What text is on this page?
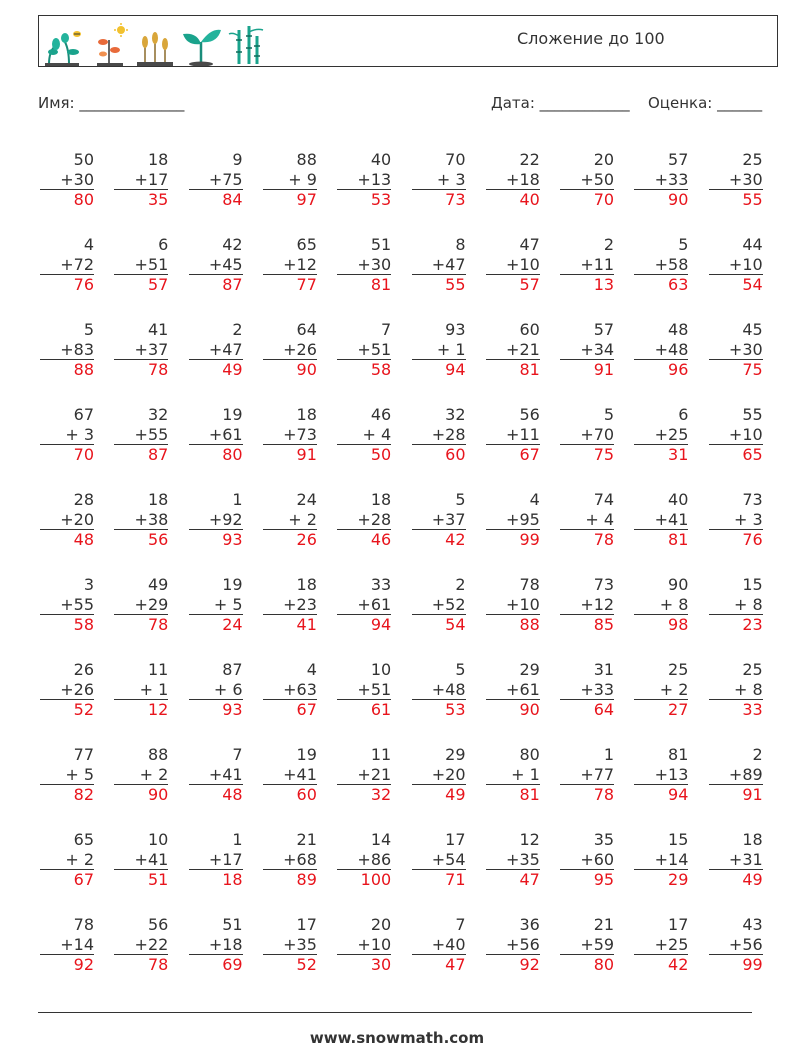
Сложение до 100
Имя: ______________	Дата: ____________ Оценка: ______
50
+30
80
18
+17
35
9
+75
84
88
+ 9
97
40
+13
53
70
+ 3
73
22
+18
40
20
+50
70
57
+33
90
25
+30
55
4
+72
76
6
+51
57
42
+45
87
65
+12
77
51
+30
81
8
+47
55
47
+10
57
2
+11
13
5
+58
63
44
+10
54
5
+83
88
41
+37
78
2
+47
49
64
+26
90
7
+51
58
93
+ 1
94
60
+21
81
57
+34
91
48
+48
96
45
+30
75
67
+ 3
70
32
+55
87
19
+61
80
18
+73
91
46
+ 4
50
32
+28
60
56
+11
67
5
+70
75
6
+25
31
55
+10
65
28
+20
48
18
+38
56
1
+92
93
24
+ 2
26
18
+28
46
5
+37
42
4
+95
99
74
+ 4
78
40
+41
81
73
+ 3
76
3
+55
58
49
+29
78
19
+ 5
24
18
+23
41
33
+61
94
2
+52
54
78
+10
88
73
+12
85
90
+ 8
98
15
+ 8
23
26
+26
52
11
+ 1
12
87
+ 6
93
4
+63
67
10
+51
61
5
+48
53
29
+61
90
31
+33
64
25
+ 2
27
25
+ 8
33
77
+ 5
82
88
+ 2
90
7
+41
48
19
+41
60
11
+21
32
29
+20
49
80
+ 1
81
1
+77
78
81
+13
94
2
+89
91
65
+ 2
67
10
+41
51
1
+17
18
21
+68
89
14
+86
100
17
+54
71
12
+35
47
35
+60
95
15
+14
29
18
+31
49
78
+14
92
56
+22
78
51
+18
69
17
+35
52
20
+10
30
7
+40
47
36
+56
92
21
+59
80
17
+25
42
43
+56
99
www.snowmath.com
